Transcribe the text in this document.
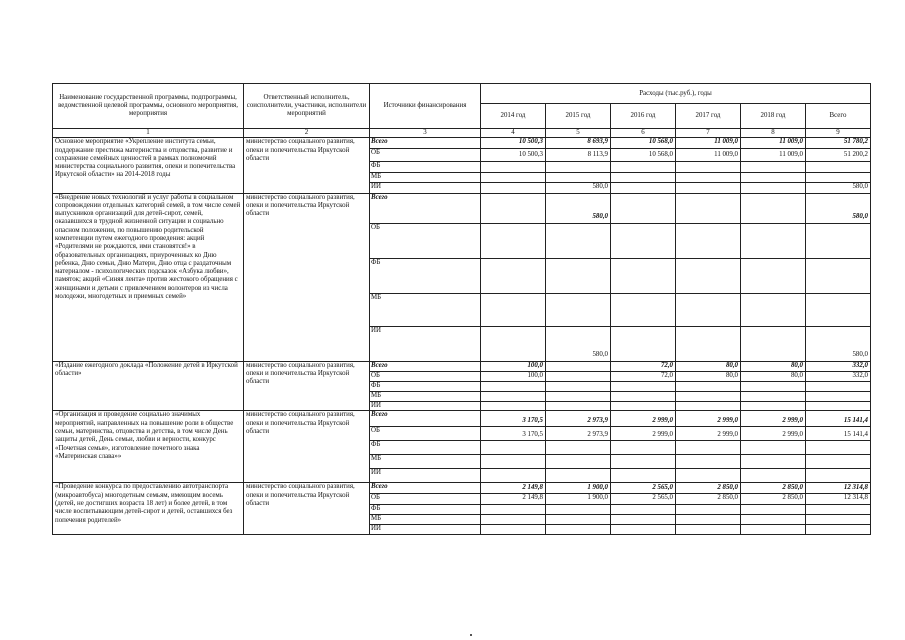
Наименование государственной программы, подпрограммы, ведомственной целевой программы, основного мероприятия, мероприятия	Ответственный исполнитель, соисполнители, участники, исполнители мероприятий	Источники финансирования	Расходы (тыс.руб.), годы					
			2014 год	2015 год	2016 год	2017 год	2018 год	Всего
1	2	3	4	5	6	7	8	9
Основное мероприятие «Укрепление института семьи, поддержание престижа материнства и отцовства, развитие и сохранение семейных ценностей в рамках полномочий министерства социального развития, опеки и попечительства Иркутской области» на 2014-2018 годы	министерство социального развития, опеки и попечительства Иркутской области	Всего	10 500,3	8 693,9	10 568,0	11 009,0	11 009,0	51 780,2
		ОБ	10 500,3	8 113,9	10 568,0	11 009,0	11 009,0	51 200,2
		ФБ						
		МБ						
		ИИ		580,0				580,0
«Внедрение новых технологий и услуг работы в социальном сопровождении отдельных категорий семей, в том числе семей выпускников организаций для детей-сирот, семей, оказавшихся в трудной жизненной ситуации и социально опасном положении, по повышению родительской компетенции путем ежегодного проведения: акций «Родителями не рождаются, ими становятся!» в образовательных организациях, приуроченных ко Дню ребенка, Дню семьи, Дню Матери, Дню отца с раздаточным материалом - психологических подсказок «Азбука любви», памяток; акций «Синяя лента» против жестокого обращения с женщинами и детьми с привлечением волонтеров из числа молодежи, многодетных и приемных семей»	министерство социального развития, опеки и попечительства Иркутской области	Всего		580,0				580,0
		ОБ						
		ФБ						
		МБ						
		ИИ		580,0				580,0
«Издание ежегодного доклада «Положение детей в Иркутской области»	министерство социального развития, опеки и попечительства Иркутской области	Всего	100,0		72,0	80,0	80,0	332,0
		ОБ	100,0		72,0	80,0	80,0	332,0
		ФБ						
		МБ						
		ИИ						
«Организация и проведение социально значимых мероприятий, направленных на повышение роли в обществе семьи, материнства, отцовства и детства, в том числе День защиты детей, День семьи, любви и верности, конкурс «Почетная семья», изготовление почетного знака «Материнская слава»»	министерство социального развития, опеки и попечительства Иркутской области	Всего	3 170,5	2 973,9	2 999,0	2 999,0	2 999,0	15 141,4
		ОБ	3 170,5	2 973,9	2 999,0	2 999,0	2 999,0	15 141,4
		ФБ						
		МБ						
		ИИ						
«Проведение конкурса по предоставлению автотранспорта (микроавтобуса) многодетным семьям, имеющим восемь (детей, не достигших возраста 18 лет) и более детей, в том числе воспитывающим детей-сирот и детей, оставшихся без попечения родителей»	министерство социального развития, опеки и попечительства Иркутской области	Всего	2 149,8	1 900,0	2 565,0	2 850,0	2 850,0	12 314,8
		ОБ	2 149,8	1 900,0	2 565,0	2 850,0	2 850,0	12 314,8
		ФБ						
		МБ						
		ИИ						
